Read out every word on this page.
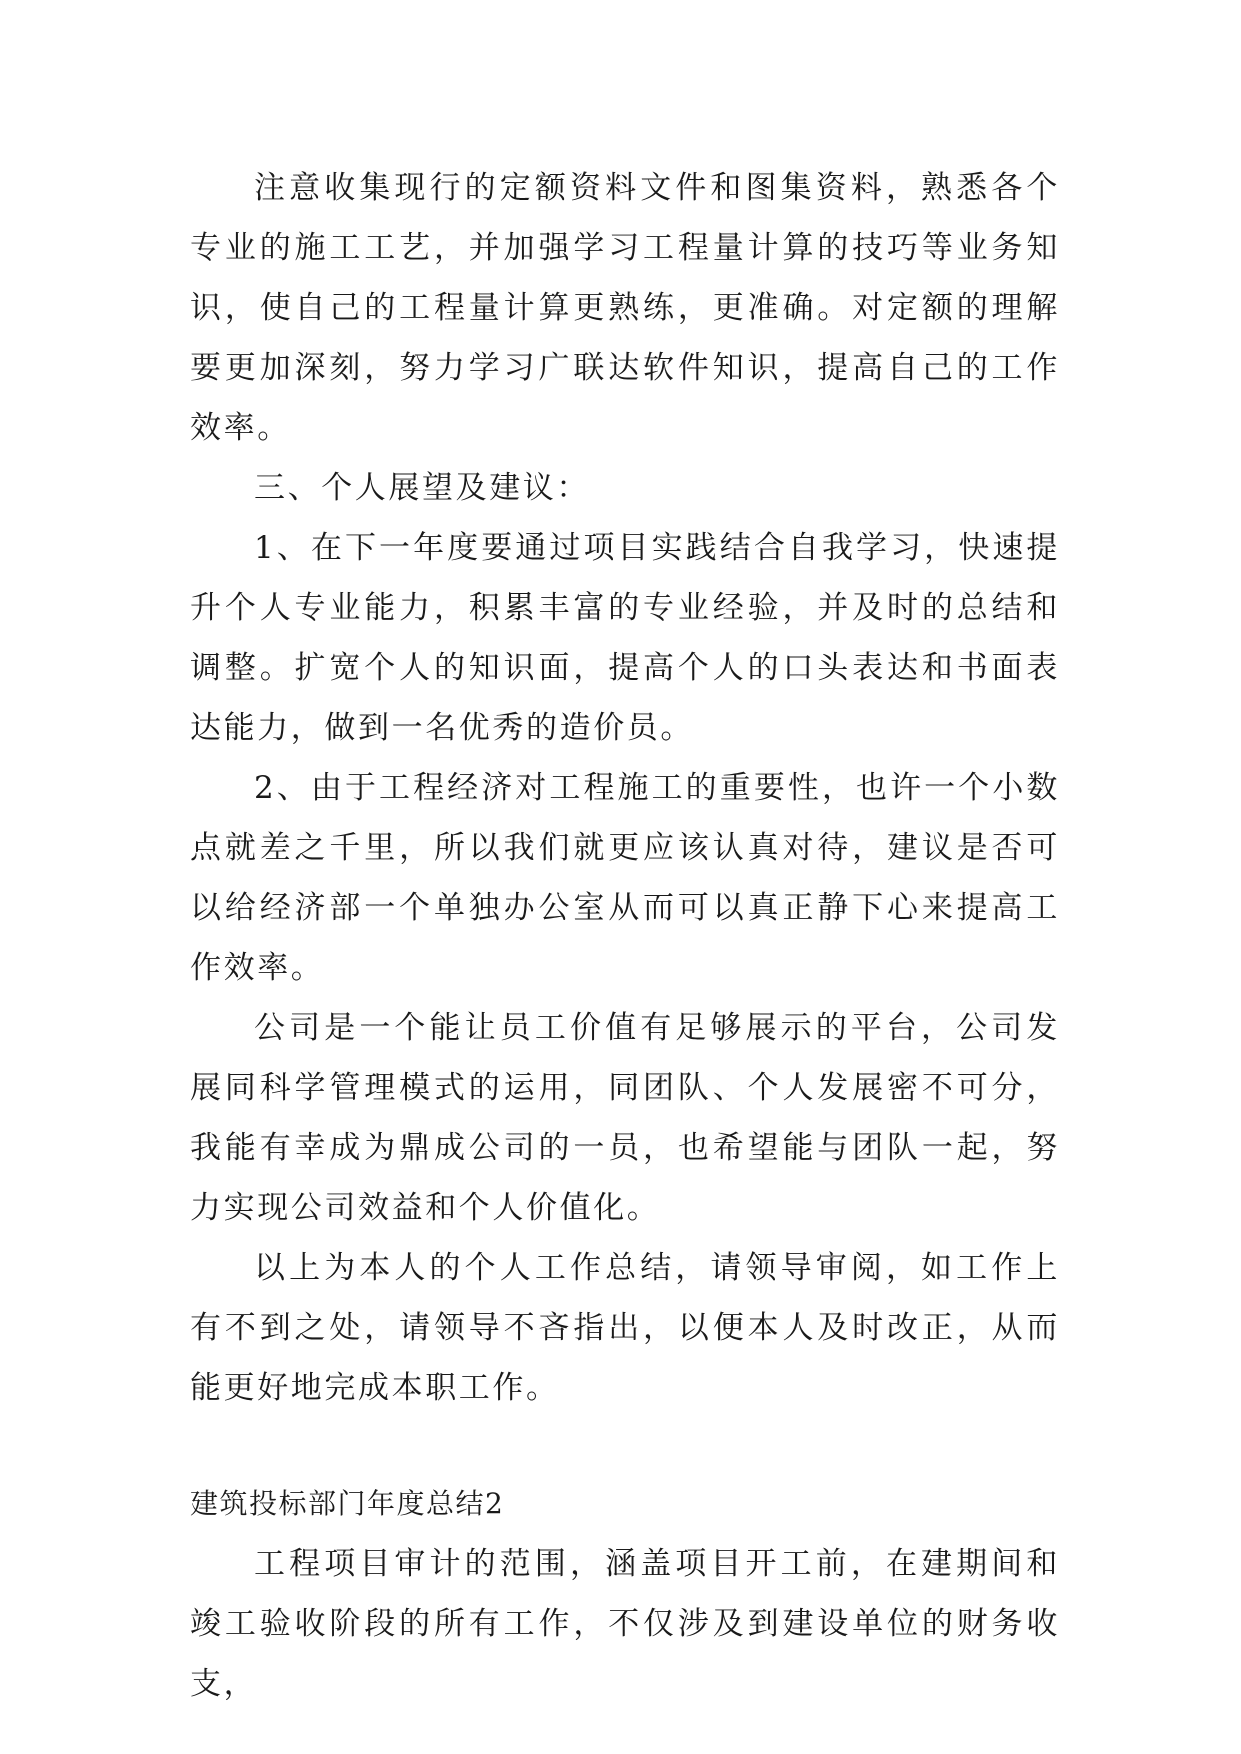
注意收集现行的定额资料文件和图集资料，熟悉各个专业的施工工艺，并加强学习工程量计算的技巧等业务知识，使自己的工程量计算更熟练，更准确。对定额的理解要更加深刻，努力学习广联达软件知识，提高自己的工作效率。

三、个人展望及建议：

1、在下一年度要通过项目实践结合自我学习，快速提升个人专业能力，积累丰富的专业经验，并及时的总结和调整。扩宽个人的知识面，提高个人的口头表达和书面表达能力，做到一名优秀的造价员。

2、由于工程经济对工程施工的重要性，也许一个小数点就差之千里，所以我们就更应该认真对待，建议是否可以给经济部一个单独办公室从而可以真正静下心来提高工作效率。

公司是一个能让员工价值有足够展示的平台，公司发展同科学管理模式的运用，同团队、个人发展密不可分，我能有幸成为鼎成公司的一员，也希望能与团队一起，努力实现公司效益和个人价值化。

以上为本人的个人工作总结，请领导审阅，如工作上有不到之处，请领导不吝指出，以便本人及时改正，从而能更好地完成本职工作。

建筑投标部门年度总结2

工程项目审计的范围，涵盖项目开工前，在建期间和竣工验收阶段的所有工作，不仅涉及到建设单位的财务收支，
